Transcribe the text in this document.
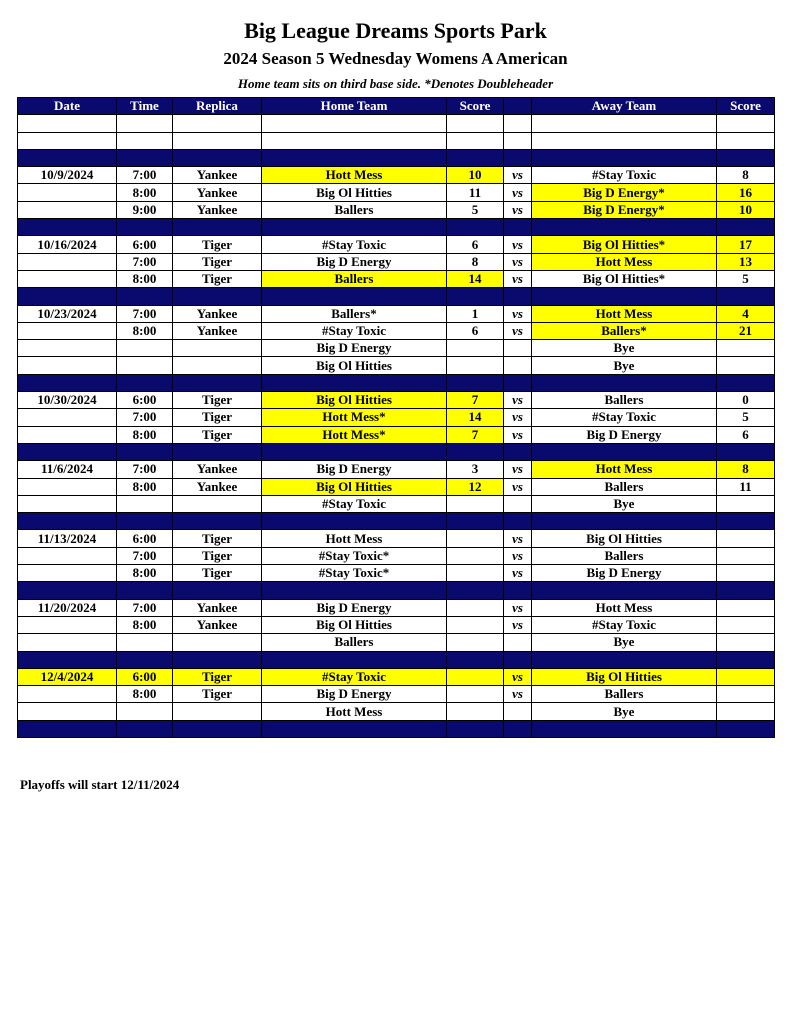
Big League Dreams Sports Park
2024 Season 5 Wednesday Womens A American
Home team sits on third base side. *Denotes Doubleheader
Date	Time	Replica	Home Team	Score		Away Team	Score

10/9/2024	7:00	Yankee	Hott Mess	10	vs	#Stay Toxic	8
	8:00	Yankee	Big Ol Hitties	11	vs	Big D Energy*	16
	9:00	Yankee	Ballers	5	vs	Big D Energy*	10

10/16/2024	6:00	Tiger	#Stay Toxic	6	vs	Big Ol Hitties*	17
	7:00	Tiger	Big D Energy	8	vs	Hott Mess	13
	8:00	Tiger	Ballers	14	vs	Big Ol Hitties*	5

10/23/2024	7:00	Yankee	Ballers*	1	vs	Hott Mess	4
	8:00	Yankee	#Stay Toxic	6	vs	Ballers*	21
			Big D Energy			Bye	
			Big Ol Hitties			Bye	

10/30/2024	6:00	Tiger	Big Ol Hitties	7	vs	Ballers	0
	7:00	Tiger	Hott Mess*	14	vs	#Stay Toxic	5
	8:00	Tiger	Hott Mess*	7	vs	Big D Energy	6

11/6/2024	7:00	Yankee	Big D Energy	3	vs	Hott Mess	8
	8:00	Yankee	Big Ol Hitties	12	vs	Ballers	11
			#Stay Toxic			Bye	

11/13/2024	6:00	Tiger	Hott Mess		vs	Big Ol Hitties	
	7:00	Tiger	#Stay Toxic*		vs	Ballers	
	8:00	Tiger	#Stay Toxic*		vs	Big D Energy	

11/20/2024	7:00	Yankee	Big D Energy		vs	Hott Mess	
	8:00	Yankee	Big Ol Hitties		vs	#Stay Toxic	
			Ballers			Bye	

12/4/2024	6:00	Tiger	#Stay Toxic		vs	Big Ol Hitties	
	8:00	Tiger	Big D Energy		vs	Ballers	
			Hott Mess			Bye	

Playoffs will start 12/11/2024
